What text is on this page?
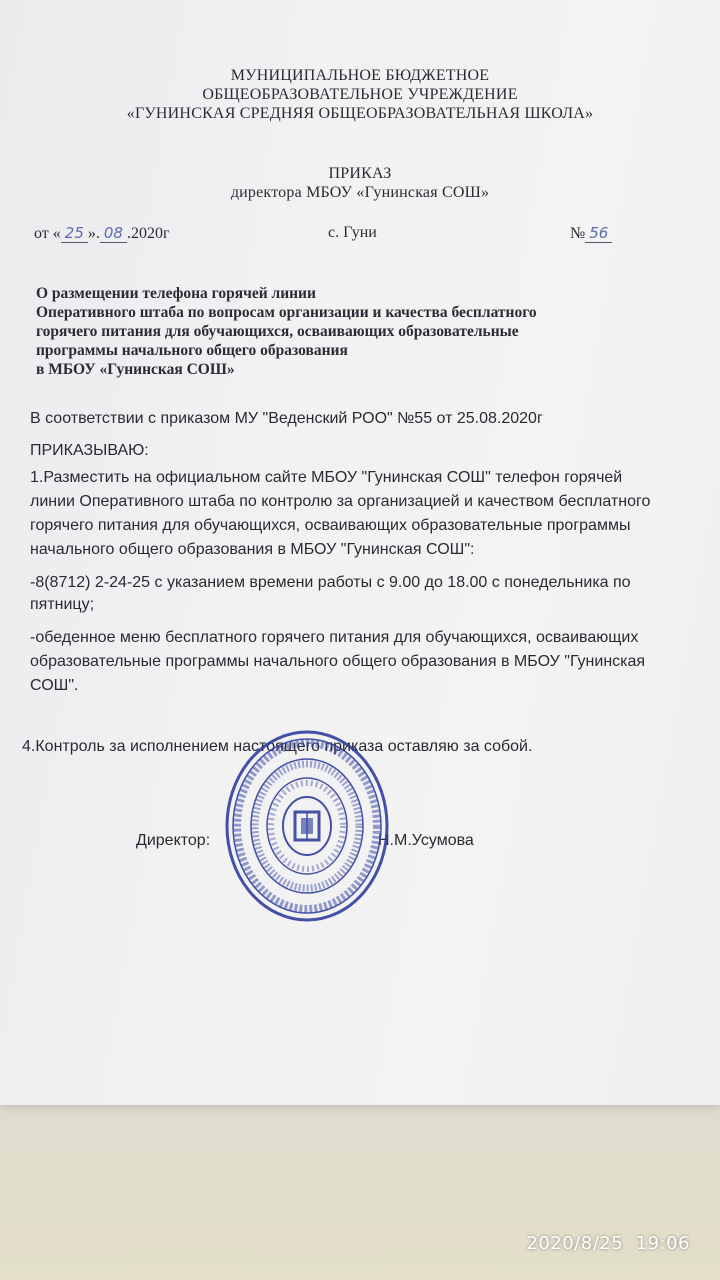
МУНИЦИПАЛЬНОЕ БЮДЖЕТНОЕ
ОБЩЕОБРАЗОВАТЕЛЬНОЕ УЧРЕЖДЕНИЕ
«ГУНИНСКАЯ СРЕДНЯЯ ОБЩЕОБРАЗОВАТЕЛЬНАЯ ШКОЛА»
ПРИКАЗ
директора МБОУ «Гунинская СОШ»
от « 25 ». 08 .2020г	с. Гуни	№ 56
О размещении телефона горячей линии
Оперативного штаба по вопросам организации и качества бесплатного
горячего питания для обучающихся, осваивающих образовательные
программы начального общего образования
в МБОУ «Гунинская СОШ»
В соответствии с приказом МУ "Веденский РОО" №55 от 25.08.2020г
ПРИКАЗЫВАЮ:
1.Разместить на официальном сайте МБОУ "Гунинская СОШ" телефон горячей
линии Оперативного штаба по контролю за организацией и качеством бесплатного
горячего питания для обучающихся, осваивающих образовательные программы
начального общего образования в МБОУ "Гунинская СОШ":
-8(8712) 2-24-25 с указанием времени работы с 9.00 до 18.00 с понедельника по
пятницу;
-обеденное меню бесплатного горячего питания для обучающихся, осваивающих
образовательные программы начального общего образования в МБОУ "Гунинская
СОШ".
4.Контроль за исполнением настоящего приказа оставляю за собой.
Директор:	Н.М.Усумова
2020/8/25  19:06
